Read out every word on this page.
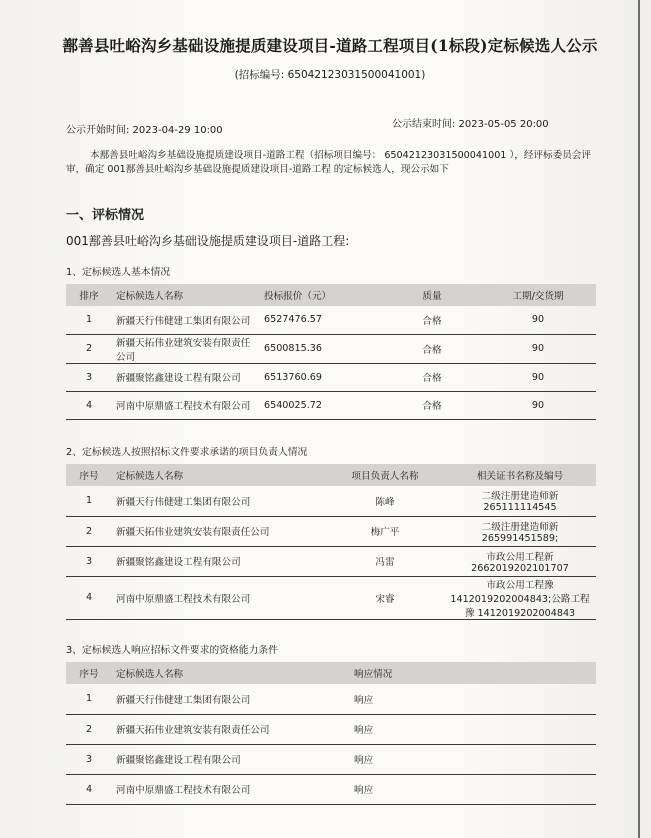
鄯善县吐峪沟乡基础设施提质建设项目-道路工程项目(1标段)定标候选人公示
(招标编号: 650421230315000410​01)
公示开始时间: 2023-04-29 10:00
公示结束时间: 2023-05-05 20:00
本鄯善县吐峪沟乡基础设施提质建设项目-道路工程（招标项目编号： 650421230315000410​01 ），经评标委员会评审，确定 001鄯善县吐峪沟乡基础设施提质建设项目-道路工程 的定标候选人，现公示如下
一、评标情况
001鄯善县吐峪沟乡基础设施提质建设项目-道路工程:
1、定标候选人基本情况
排序	定标候选人名称	投标报价（元）	质量	工期/交货期
1	新疆天行伟健建工集团有限公司	6527476.57	合格	90
2	新疆天拓伟业建筑安装有限责任公司	6500815.36	合格	90
3	新疆聚铭鑫建设工程有限公司	6513760.69	合格	90
4	河南中原鼎盛工程技术有限公司	6540025.72	合格	90
2、定标候选人按照招标文件要求承诺的项目负责人情况
序号	定标候选人名称	项目负责人名称	相关证书名称及编号
1	新疆天行伟健建工集团有限公司	陈峰	二级注册建造师新265111114545
2	新疆天拓伟业建筑安装有限责任公司	梅广平	二级注册建造师新265991451589;
3	新疆聚铭鑫建设工程有限公司	冯雷	市政公用工程新 2662019202101707
4	河南中原鼎盛工程技术有限公司	宋睿	市政公用工程豫 1412019202004843;公路工程豫 1412019202004843
3、定标候选人响应招标文件要求的资格能力条件
序号	定标候选人名称	响应情况
1	新疆天行伟健建工集团有限公司	响应
2	新疆天拓伟业建筑安装有限责任公司	响应
3	新疆聚铭鑫建设工程有限公司	响应
4	河南中原鼎盛工程技术有限公司	响应
